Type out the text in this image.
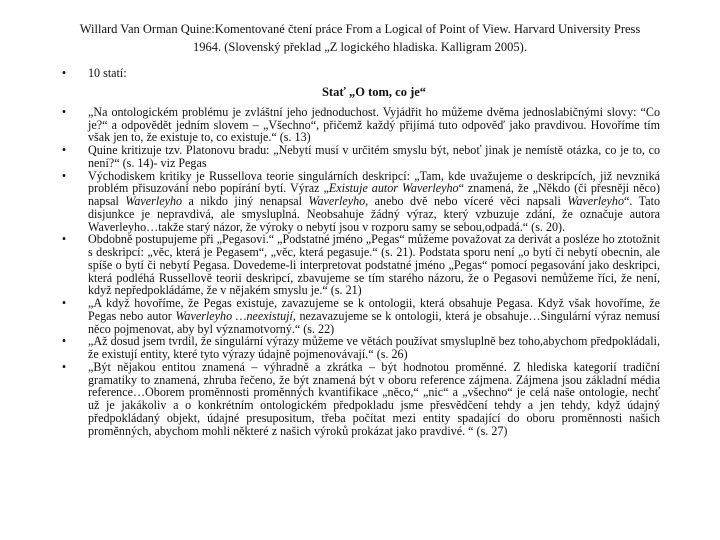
Willard Van Orman Quine:Komentované čtení práce From a Logical of Point of View. Harvard University Press 1964. (Slovenský překlad „Z logického hladiska. Kalligram 2005).
• 10 statí:
Stať „O tom, co je“
• „Na ontologickém problému je zvláštní jeho jednoduchost. Vyjádřit ho můžeme dvěma jednoslabičnými slovy: “Co je?“ a odpovědět jedním slovem – „Všechno“, přičemž každý přijímá tuto odpověď jako pravdivou. Hovoříme tím však jen to, že existuje to, co existuje.“ (s. 13)
• Quine kritizuje tzv. Platonovu bradu: „Nebytí musí v určitém smyslu být, neboť jinak je nemístě otázka, co je to, co není?“ (s. 14)- viz Pegas
• Východiskem kritiky je Russellova teorie singulárních deskripcí: „Tam, kde uvažujeme o deskripcích, již nevzniká problém přisuzování nebo popírání bytí. Výraz „Existuje autor Waverleyho“ znamená, že „Někdo (či přesněji něco) napsal Waverleyho a nikdo jiný nenapsal Waverleyho, anebo dvě nebo víceré věci napsali Waverleyho“. Tato disjunkce je nepravdivá, ale smysluplná. Neobsahuje žádný výraz, který vzbuzuje zdání, že označuje autora Waverleyho…takže starý názor, že výroky o nebytí jsou v rozporu samy se sebou,odpadá.“ (s. 20).
• Obdobně postupujeme při „Pegasovi.“ „Podstatné jméno „Pegas“ můžeme považovat za derivát a posléze ho ztotožnit s deskripcí: „věc, která je Pegasem“, „věc, která pegasuje.“ (s. 21). Podstata sporu není „o bytí či nebytí obecnin, ale spíše o bytí či nebytí Pegasa. Dovedeme-li interpretovat podstatné jméno „Pegas“ pomocí pegasování jako deskripci, která podléhá Russellově teorii deskripcí, zbavujeme se tím starého názoru, že o Pegasovi nemůžeme říci, že není, když nepředpokládáme, že v nějakém smyslu je.“ (s. 21)
• „A když hovoříme, že Pegas existuje, zavazujeme se k ontologii, která obsahuje Pegasa. Když však hovoříme, že Pegas nebo autor Waverleyho …neexistují, nezavazujeme se k ontologii, která je obsahuje…Singulární výraz nemusí něco pojmenovat, aby byl významotvorný.“ (s. 22)
• „Až dosud jsem tvrdil, že singulární výrazy můžeme ve větách používat smysluplně bez toho,abychom předpokládali, že existují entity, které tyto výrazy údajně pojmenovávají.“ (s. 26)
• „Být nějakou entitou znamená – výhradně a zkrátka – být hodnotou proměnné. Z hlediska kategorií tradiční gramatiky to znamená, zhruba řečeno, že být znamená být v oboru reference zájmena. Zájmena jsou základní média reference…Oborem proměnnosti proměnných kvantifikace „něco,“ „nic“ a „všechno“ je celá naše ontologie, nechť už je jakákoliv a o konkrétním ontologickém předpokladu jsme přesvědčení tehdy a jen tehdy, když údajný předpokládaný objekt, údajné presupositum, třeba počítat mezi entity spadající do oboru proměnnosti našich proměnných, abychom mohli některé z našich výroků prokázat jako pravdivé. “ (s. 27)
